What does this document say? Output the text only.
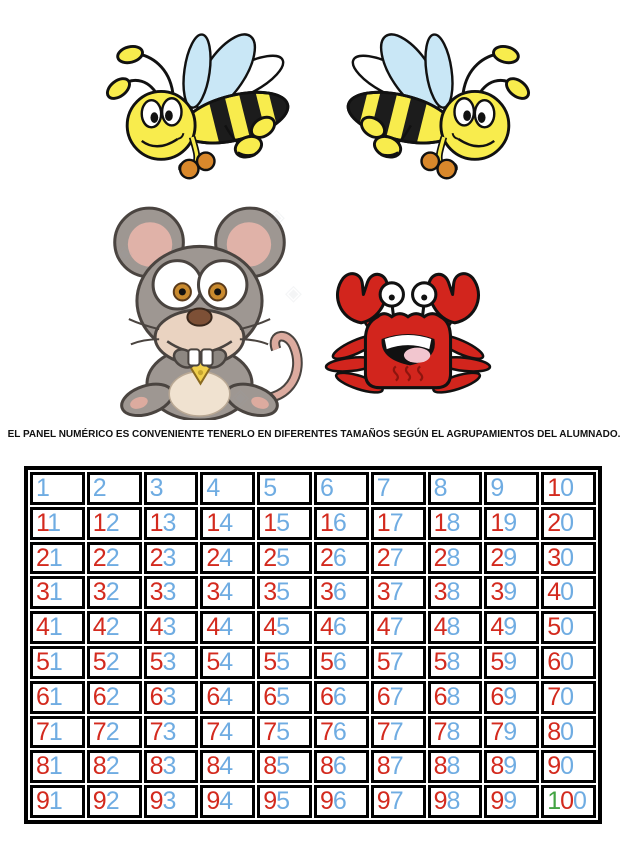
◈
◈
EL PANEL NUMÉRICO ES CONVENIENTE TENERLO EN DIFERENTES TAMAÑOS SEGÚN EL AGRUPAMIENTOS DEL ALUMNADO.
1	2	3	4	5	6	7	8	9	10
11	12	13	14	15	16	17	18	19	20
21	22	23	24	25	26	27	28	29	30
31	32	33	34	35	36	37	38	39	40
41	42	43	44	45	46	47	48	49	50
51	52	53	54	55	56	57	58	59	60
61	62	63	64	65	66	67	68	69	70
71	72	73	74	75	76	77	78	79	80
81	82	83	84	85	86	87	88	89	90
91	92	93	94	95	96	97	98	99	100
